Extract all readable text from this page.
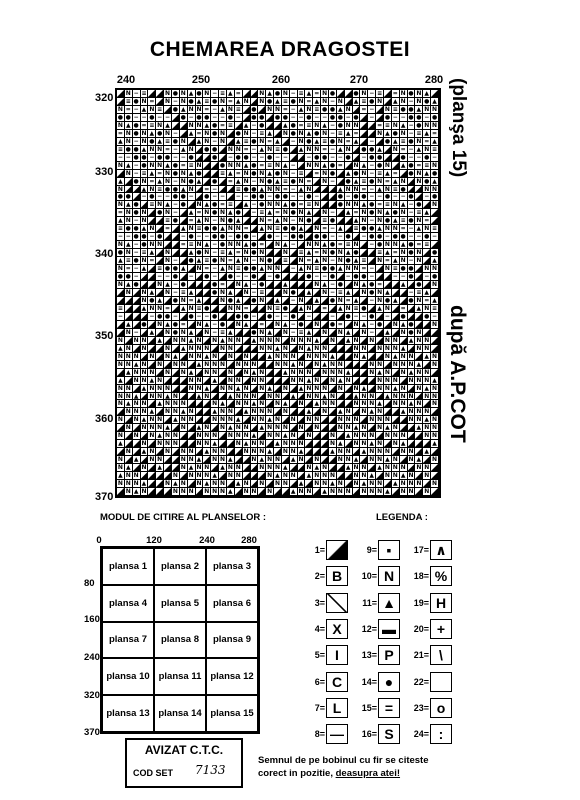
CHEMAREA DRAGOSTEI
240	250	260	270	280
320
330
340
350
360
370
N − ≡	N ● N ▲ ● N − ≡ ▲ =	N ▲ ● N − ≡ ▲ = N ●	● N − ≡	= N ● N ▲
≡ ● N =	N − N ● ▲ ≡ ● N = ▲ N	N ● ▲ ≡ ● N = ▲ N − N	▲ ≡ ● N	▲ N − N ● ▲
N = − ▲ N ≡	● ▲ N N = − ▲ N ≡	●	N N = − ▲ N ≡ ● ● ▲ N	= −	N ≡ ● ● ▲ N N
● ● − − ● − −	● − ● ● − − ● −	● ●	● ● − − ● − − ● ● − ● −	● − − ● ● − ●
N ▲ ● = ≡ N ▲	N N ▲ ● = ≡	▲ − ●	▲ ● = ≡ N ▲ − ● N N	= ≡ N ▲ − ● N N
= N ● N ▲ ● N −	▲ = N ● N	● N − ≡ ▲	N ● N ▲ ● N − ≡ ▲ =	N ▲ ● N − ≡ ▲ =
▲ N − N ● ▲ ≡ ● N	▲ N − N	▲ ≡ ● N = ▲	− N ● ▲ ≡ ● N = ▲	−	● ▲ ≡ ● N = ▲
≡ ● ● ▲ N N = − ▲ N	● ●	N N = − ▲ N ≡ ● ▲ N N = − ▲ N	● ● ▲	N = − ▲ N ≡
− − ● ● − ● ● − − ●	●	− ● ● − − ● − −	− ● ● − − ●	− ● ●	● − − ● −
N ▲ − ● N N ▲ ● = ≡ N	● N N ▲ ● = ≡ N ▲ −	N N ▲ ● =	N ▲ − ● N	▲ ● = ≡ N
N − ≡ ▲ = N ● N ▲ ●	≡ ▲ = N ● N ▲ ● N − ≡	= N ● ▲ ● N − ≡ ▲ =	● N ▲ ●
▲	● N = ▲ N − N ● ▲	●	= ▲ N − N ● ▲ ≡ ● N =	N −	● ▲ ≡ ● N = ▲ N	N ● ▲
N	▲ N ≡ ● ● ▲ N	= −	≡ ● ● ▲ N N = − ▲ N	▲ N N = − ▲ N ≡ ●	N N
● ●	− ● − − ● ● −	● − −	− − ● ● − ● ● − − ● −	● − ● ● − − ● − − ●	− ●
N ▲ ● ≡ N ▲ − ● N ▲ ● = ≡	▲ − ● N N ▲ ● = ≡ N	● N N ▲ ● = ≡ N ▲ − ● N
= N ● N	● N −	▲ = N ● N ▲ ●	− ≡ ▲ = N ● N ▲	N −	▲ = N ● N ▲ ● N − ≡ ▲
▲ N − N	≡ ●	= ▲ N − N ● ▲	N = ▲ N − N ● ≡ ●	▲ N − N ● ▲ ≡ ● N =
≡ ● ● ▲ N	=	▲ N ≡ ● ● ▲ N N =	▲ N ≡ ● ● ▲	N = − ▲	≡ ● ● ▲ N N = − ▲ N ≡
− − ● ● − ●	− ● − − ● ● − ● ● −	● − − ● ●	● ● − − ●	− ● ● − ● ● − − ● −
N ▲ − ● N N	= ≡ N ▲ − ● N N ▲ ● =	N ▲ −	N N ▲ ● = ≡ N	− ● N N ▲ ● = ≡
● N − ≡ ▲	N	▲ ● N − ≡ ▲ = N ● N	N	≡ ▲ = N ● N ▲ ●	≡ ▲ = N ● N	●
▲ ≡ ● N =	N −	● ▲ ≡ ● N = ▲ N − N ● ≡	N = ▲ N − N ● ▲ ≡	N = ▲ N − N	▲
N = − ▲	≡ ● ● ▲	N = − ▲ N ≡ ● ● ▲ N N	− ▲ N ≡ ● ● ▲ N N = −	N ≡ ● ●	N N
● ● −	− − ●	−	● −	● − − ●	− ●	● − − ● − ● ● −	− − ●	− ●
N ▲ ●	N ▲ − ●	● =	N ▲ − ●	▲	N ▲ − ●	N ▲ ● =	▲	● N
N	N ▲	N − ≡ ▲	● N ▲	N − ≡	N ●	▲	N − ≡ ▲	N ● N ▲	− ≡ ▲
N ● ▲	● N = ▲	N ● ▲	● N	▲	− N	▲	● N = ▲	− N ● ▲	● N = ▲
≡	▲ N N =	▲ N ≡ ●	N N =	N ≡ ● ▲ N	=	▲ N ≡ ●	▲ N	=	▲ N ≡
−	− ● ● −	● − − ●	● ● −	● − − ●	−	−	● − − ● −	●	● −
▲	●	N ▲ ● =	N ▲ − ● N ▲	=	N ▲ − ●	N	● =	N ▲ − ●	N ▲ ●	N
N −	▲	N ● N ▲	N − ≡ ▲	● N ▲	N − ≡ ▲	N	N ▲	N −	▲	N ● N
N	N N	▲	N N ▲ N	N ▲ N N	▲ N N N	N N N ▲	N	▲ N	N	N N	▲ N N
▲ N	N	N	▲ N N N	N N	N N ▲ N	N ▲ N N	N N	N N N ▲	N N
N N N	N	N ▲	N N ▲ N	N	N	▲ N N N	N N N ▲	N ▲	N ▲ N N	▲ N
N N ▲ N	N	N N	▲ N N N	N N N	N N ▲ N	N ▲ N N	N N	N N N ▲	N
▲ N N N	N	N ▲	N N	N	N ▲ N	▲ N N N	N N N ▲	N ▲ N	N ▲ N N
▲	N N ▲ N	N N	▲	N N	N N	N N ▲ N	N ▲ N	N N N	N N N ▲
N N	▲ N N N	N N ▲	N N ▲ N	N ▲	N	▲ N N N	N	N ▲	N N ▲ N	N ▲ N
N N ▲	N N ▲ N	▲ N	▲ N N N	N N	▲	N N ▲ N	▲ N N	▲ N N N	N N
N ▲ N N	▲ N N N	N ▲	N N ▲ N	N ▲	N	▲ N N	N N N ▲	N N ▲ N	N
N N N ▲	N N ▲ N	▲ N N	▲ N N N	N	▲	N	▲ N	N ▲ N	▲ N N N
N	N ▲ N N	▲ N N	N N N ▲	N N ▲ N	N	N N	N N N	N N N	N N ▲ N
N	N N N ▲	N	▲ N	N ▲ N N	▲ N N N	N	N	N N ▲ N	N ▲ N	▲ N N
N	N	N ▲ N N	N N N	N N N ▲	N N ▲ N	N	N	▲ N N N	N N N	N N
▲	N	N N N	N N ▲	N ▲ N N	▲ N N N	N ▲	N N ▲ N	N ▲	▲
N	▲ N	N	N N	▲ N N	N N N ▲	N N ▲	▲ N N	▲ N N N	N N	▲
N	▲	N N	N N ▲	N N ▲	N ▲ N N	▲ N	N	N N ▲	N N ▲ N	N ▲	N
N ▲	N	▲	N ▲ N N	▲ N N	N N N ▲	N ▲ N	▲ N N	▲ N N N	N N
▲ N N	N	N N N ▲	N N	N ▲ N N	▲ N N N	N N ▲	N N ▲ N	N
N N N ▲	N ▲ N	N ▲ N N	▲ N	N	N N	▲	N N ▲ N	N ▲ N N	▲ N N N	N
N ▲ N	N N N	N N N ▲	N N	N	▲ N N	▲ N N N	N N N ▲	N N	N
(planşa 15)
după A.P.COT
MODUL DE CITIRE AL PLANSELOR :	LEGENDA :
0	120	240	280
80
160
240
320
370
plansa 1	plansa 2	plansa 3
plansa 4	plansa 5	plansa 6
plansa 7	plansa 8	plansa 9
plansa 10 plansa 11 plansa 12
plansa 13 plansa 14 plansa 15
1=
2= B
3=
4= X
5= I
6= C
7= L
8= —
9= ▪
10= N
11= ▲
12= ▬
13= P
14= ●
15= =
16= S
17= ∧
18= %
19= H
20= +
21= \
22=
23= o
24= :
AVIZAT C.T.C.
COD SET 7133
Semnul de pe bobinul cu fir se citeste
corect in pozitie, deasupra atei!
